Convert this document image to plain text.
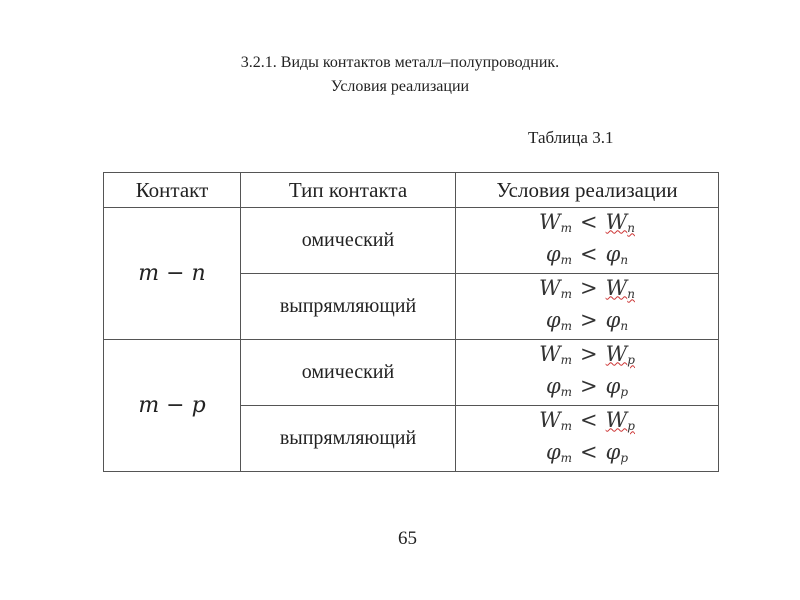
3.2.1. Виды контактов металл–полупроводник.
Условия реализации
Таблица 3.1
Контакт	Тип контакта	Условия реализации
m − n	омический	$W_m < W_n$
$\varphi_m < \varphi_n$

	выпрямляющий	$W_m > W_n$
$\varphi_m > \varphi_n$

m − p	омический	$W_m > W_p$
$\varphi_m > \varphi_p$

	выпрямляющий	$W_m < W_p$
$\varphi_m < \varphi_p$
65
